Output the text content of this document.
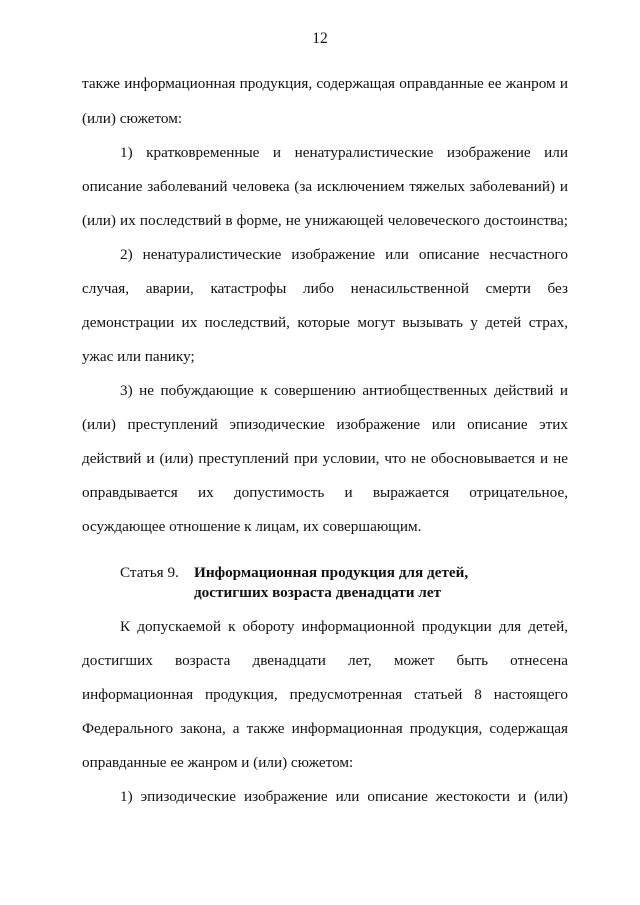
12
также информационная продукция, содержащая оправданные ее жанром и
(или) сюжетом:
1) кратковременные и ненатуралистические изображение или
описание заболеваний человека (за исключением тяжелых заболеваний) и
(или) их последствий в форме, не унижающей человеческого достоинства;
2) ненатуралистические изображение или описание несчастного
случая, аварии, катастрофы либо ненасильственной смерти без
демонстрации их последствий, которые могут вызывать у детей страх,
ужас или панику;
3) не побуждающие к совершению антиобщественных действий и
(или) преступлений эпизодические изображение или описание этих
действий и (или) преступлений при условии, что не обосновывается и не
оправдывается их допустимость и выражается отрицательное,
осуждающее отношение к лицам, их совершающим.
Статья 9. Информационная продукция для детей,
достигших возраста двенадцати лет
К допускаемой к обороту информационной продукции для детей,
достигших возраста двенадцати лет, может быть отнесена
информационная продукция, предусмотренная статьей 8 настоящего
Федерального закона, а также информационная продукция, содержащая
оправданные ее жанром и (или) сюжетом:
1) эпизодические изображение или описание жестокости и (или)
